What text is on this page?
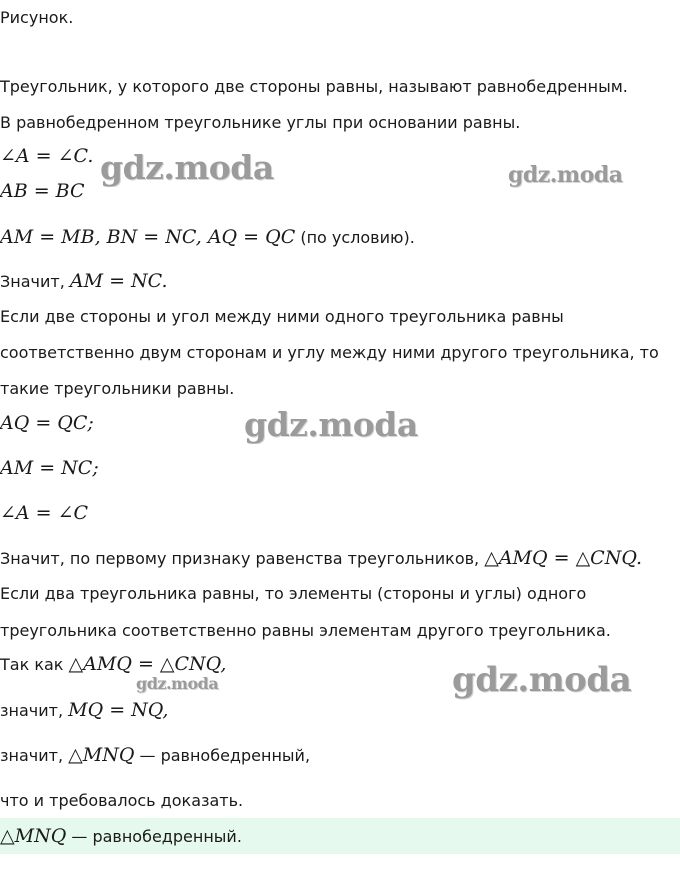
Рисунок.
Треугольник, у которого две стороны равны, называют равнобедренным.
В равнобедренном треугольнике углы при основании равны.
∠A = ∠C.
AB = BC
AM = MB, BN = NC, AQ = QC (по условию).
Значит, AM = NC.
Если две стороны и угол между ними одного треугольника равны
соответственно двум сторонам и углу между ними другого треугольника, то
такие треугольники равны.
AQ = QC;
AM = NC;
∠A = ∠C
Значит, по первому признаку равенства треугольников, △AMQ = △CNQ.
Если два треугольника равны, то элементы (стороны и углы) одного
треугольника соответственно равны элементам другого треугольника.
Так как △AMQ = △CNQ,
значит, MQ = NQ,
значит, △MNQ — равнобедренный,
что и требовалось доказать.
△MNQ — равнобедренный.
gdz.moda	gdz.moda
gdz.moda
gdz.moda
gdz.moda
